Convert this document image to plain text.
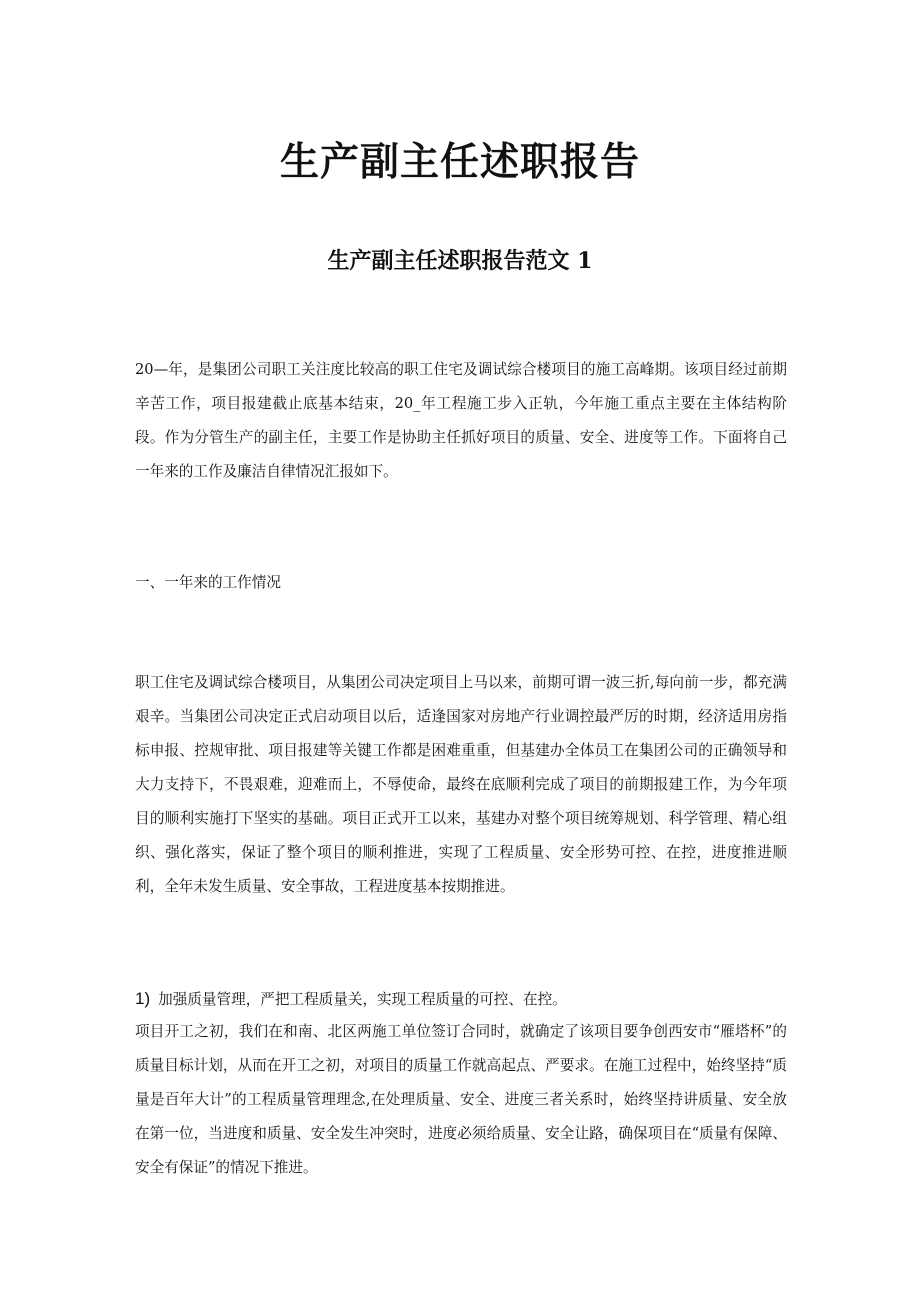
生产副主任述职报告
生产副主任述职报告范文 1

20—年，是集团公司职工关注度比较高的职工住宅及调试综合楼项目的施工高峰期。该项目经过前期辛苦工作，项目报建截止底基本结束，20_年工程施工步入正轨，今年施工重点主要在主体结构阶段。作为分管生产的副主任，主要工作是协助主任抓好项目的质量、安全、进度等工作。下面将自己一年来的工作及廉洁自律情况汇报如下。

一、一年来的工作情况

职工住宅及调试综合楼项目，从集团公司决定项目上马以来，前期可谓一波三折,每向前一步，都充满艰辛。当集团公司决定正式启动项目以后，适逢国家对房地产行业调控最严厉的时期，经济适用房指标申报、控规审批、项目报建等关键工作都是困难重重，但基建办全体员工在集团公司的正确领导和大力支持下，不畏艰难，迎难而上，不辱使命，最终在底顺利完成了项目的前期报建工作，为今年项目的顺利实施打下坚实的基础。项目正式开工以来，基建办对整个项目统筹规划、科学管理、精心组织、强化落实，保证了整个项目的顺利推进，实现了工程质量、安全形势可控、在控，进度推进顺利，全年未发生质量、安全事故，工程进度基本按期推进。

1) 加强质量管理，严把工程质量关，实现工程质量的可控、在控。

项目开工之初，我们在和南、北区两施工单位签订合同时，就确定了该项目要争创西安市“雁塔杯”的质量目标计划，从而在开工之初，对项目的质量工作就高起点、严要求。在施工过程中，始终坚持“质量是百年大计”的工程质量管理理念,在处理质量、安全、进度三者关系时，始终坚持讲质量、安全放在第一位，当进度和质量、安全发生冲突时，进度必须给质量、安全让路，确保项目在“质量有保障、安全有保证”的情况下推进。
